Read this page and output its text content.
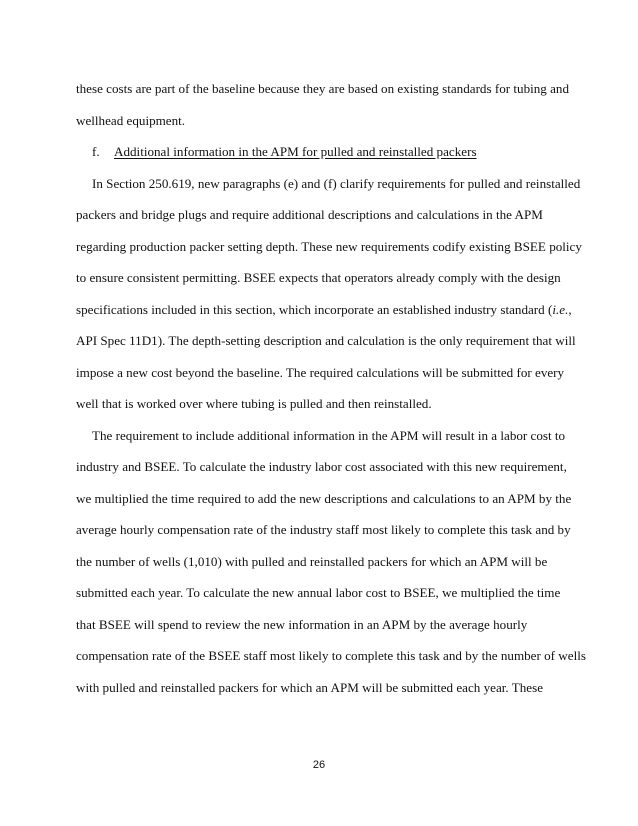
these costs are part of the baseline because they are based on existing standards for tubing and
wellhead equipment.
f. Additional information in the APM for pulled and reinstalled packers
In Section 250.619, new paragraphs (e) and (f) clarify requirements for pulled and reinstalled
packers and bridge plugs and require additional descriptions and calculations in the APM
regarding production packer setting depth. These new requirements codify existing BSEE policy
to ensure consistent permitting. BSEE expects that operators already comply with the design
specifications included in this section, which incorporate an established industry standard (i.e.,
API Spec 11D1). The depth-setting description and calculation is the only requirement that will
impose a new cost beyond the baseline. The required calculations will be submitted for every
well that is worked over where tubing is pulled and then reinstalled.
The requirement to include additional information in the APM will result in a labor cost to
industry and BSEE. To calculate the industry labor cost associated with this new requirement,
we multiplied the time required to add the new descriptions and calculations to an APM by the
average hourly compensation rate of the industry staff most likely to complete this task and by
the number of wells (1,010) with pulled and reinstalled packers for which an APM will be
submitted each year. To calculate the new annual labor cost to BSEE, we multiplied the time
that BSEE will spend to review the new information in an APM by the average hourly
compensation rate of the BSEE staff most likely to complete this task and by the number of wells
with pulled and reinstalled packers for which an APM will be submitted each year. These
26
